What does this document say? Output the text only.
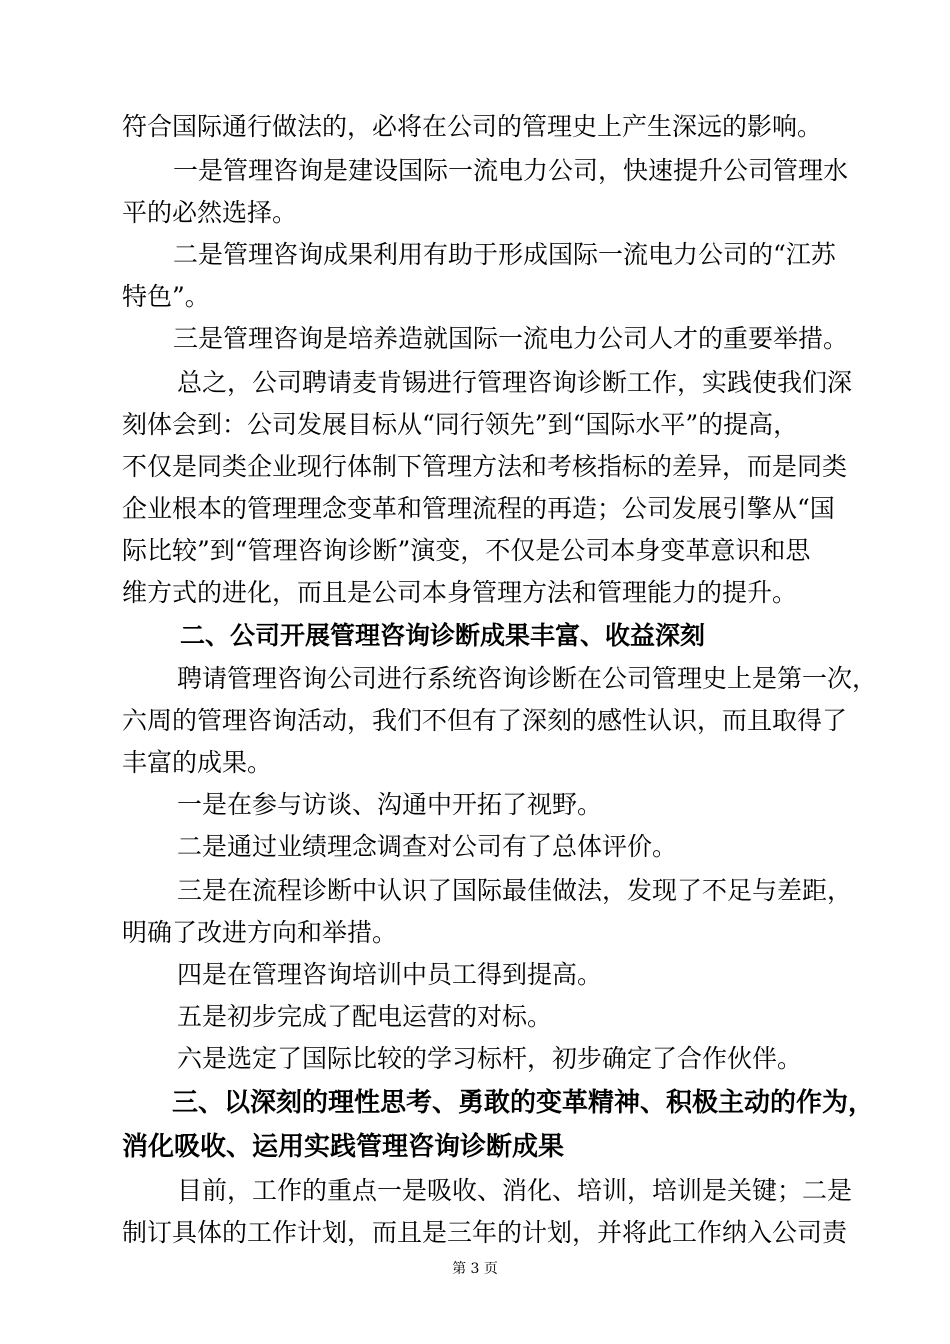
符合国际通行做法的，必将在公司的管理史上产生深远的影响。
一是管理咨询是建设国际一流电力公司，快速提升公司管理水
平的必然选择。
二是管理咨询成果利用有助于形成国际一流电力公司的“江苏
特色”。
三是管理咨询是培养造就国际一流电力公司人才的重要举措。
总之，公司聘请麦肯锡进行管理咨询诊断工作，实践使我们深
刻体会到：公司发展目标从“同行领先”到“国际水平”的提高，
不仅是同类企业现行体制下管理方法和考核指标的差异，而是同类
企业根本的管理理念变革和管理流程的再造；公司发展引擎从“国
际比较”到“管理咨询诊断”演变，不仅是公司本身变革意识和思
维方式的进化，而且是公司本身管理方法和管理能力的提升。
二、公司开展管理咨询诊断成果丰富、收益深刻
聘请管理咨询公司进行系统咨询诊断在公司管理史上是第一次，
六周的管理咨询活动，我们不但有了深刻的感性认识，而且取得了
丰富的成果。
一是在参与访谈、沟通中开拓了视野。
二是通过业绩理念调查对公司有了总体评价。
三是在流程诊断中认识了国际最佳做法，发现了不足与差距，
明确了改进方向和举措。
四是在管理咨询培训中员工得到提高。
五是初步完成了配电运营的对标。
六是选定了国际比较的学习标杆，初步确定了合作伙伴。
三、以深刻的理性思考、勇敢的变革精神、积极主动的作为，
消化吸收、运用实践管理咨询诊断成果
目前，工作的重点一是吸收、消化、培训，培训是关键；二是
制订具体的工作计划，而且是三年的计划，并将此工作纳入公司责
第 3 页
